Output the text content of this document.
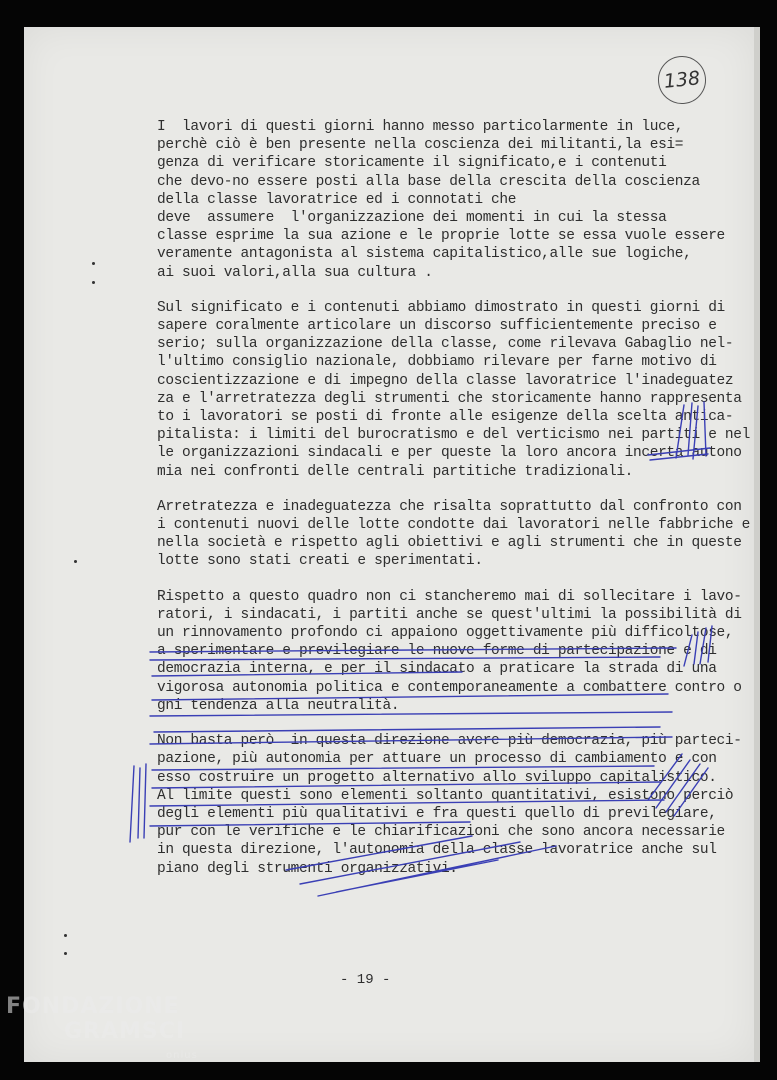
138
I  lavori di questi giorni hanno messo particolarmente in luce,
perchè ciò è ben presente nella coscienza dei militanti,la esi=
genza di verificare storicamente il significato,e i contenuti
che devo-no essere posti alla base della crescita della coscienza
della classe lavoratrice ed i connotati che
deve  assumere  l'organizzazione dei momenti in cui la stessa
classe esprime la sua azione e le proprie lotte se essa vuole essere
veramente antagonista al sistema capitalistico,alle sue logiche,
ai suoi valori,alla sua cultura .
Sul significato e i contenuti abbiamo dimostrato in questi giorni di
sapere coralmente articolare un discorso sufficientemente preciso e
serio; sulla organizzazione della classe, come rilevava Gabaglio nel-
l'ultimo consiglio nazionale, dobbiamo rilevare per farne motivo di
coscientizzazione e di impegno della classe lavoratrice l'inadeguatez
za e l'arretratezza degli strumenti che storicamente hanno rappresenta
to i lavoratori se posti di fronte alle esigenze della scelta antica-
pitalista: i limiti del burocratismo e del verticismo nei partiti e nel
le organizzazioni sindacali e per queste la loro ancora incerta autono
mia nei confronti delle centrali partitiche tradizionali.
Arretratezza e inadeguatezza che risalta soprattutto dal confronto con
i contenuti nuovi delle lotte condotte dai lavoratori nelle fabbriche e
nella società e rispetto agli obiettivi e agli strumenti che in queste
lotte sono stati creati e sperimentati.
Rispetto a questo quadro non ci stancheremo mai di sollecitare i lavo-
ratori, i sindacati, i partiti anche se quest'ultimi la possibilità di
un rinnovamento profondo ci appaiono oggettivamente più difficoltose,
a sperimentare e previlegiare le nuove forme di partecipazione e di
democrazia interna, e per il sindacato a praticare la strada di una
vigorosa autonomia politica e contemporaneamente a combattere contro o
gni tendenza alla neutralità.
Non basta però  in questa direzione avere più democrazia, più parteci-
pazione, più autonomia per attuare un processo di cambiamento e con
esso costruire un progetto alternativo allo sviluppo capitalistico.
Al limite questi sono elementi soltanto quantitativi, esistono perciò
degli elementi più qualitativi e fra questi quello di previlegiare,
pur con le verifiche e le chiarificazioni che sono ancora necessarie
in questa direzione, l'autonomia della classe lavoratrice anche sul
piano degli strumenti organizzativi.
- 19 -
FONDAZIONE
GRAMSCI
onlus
